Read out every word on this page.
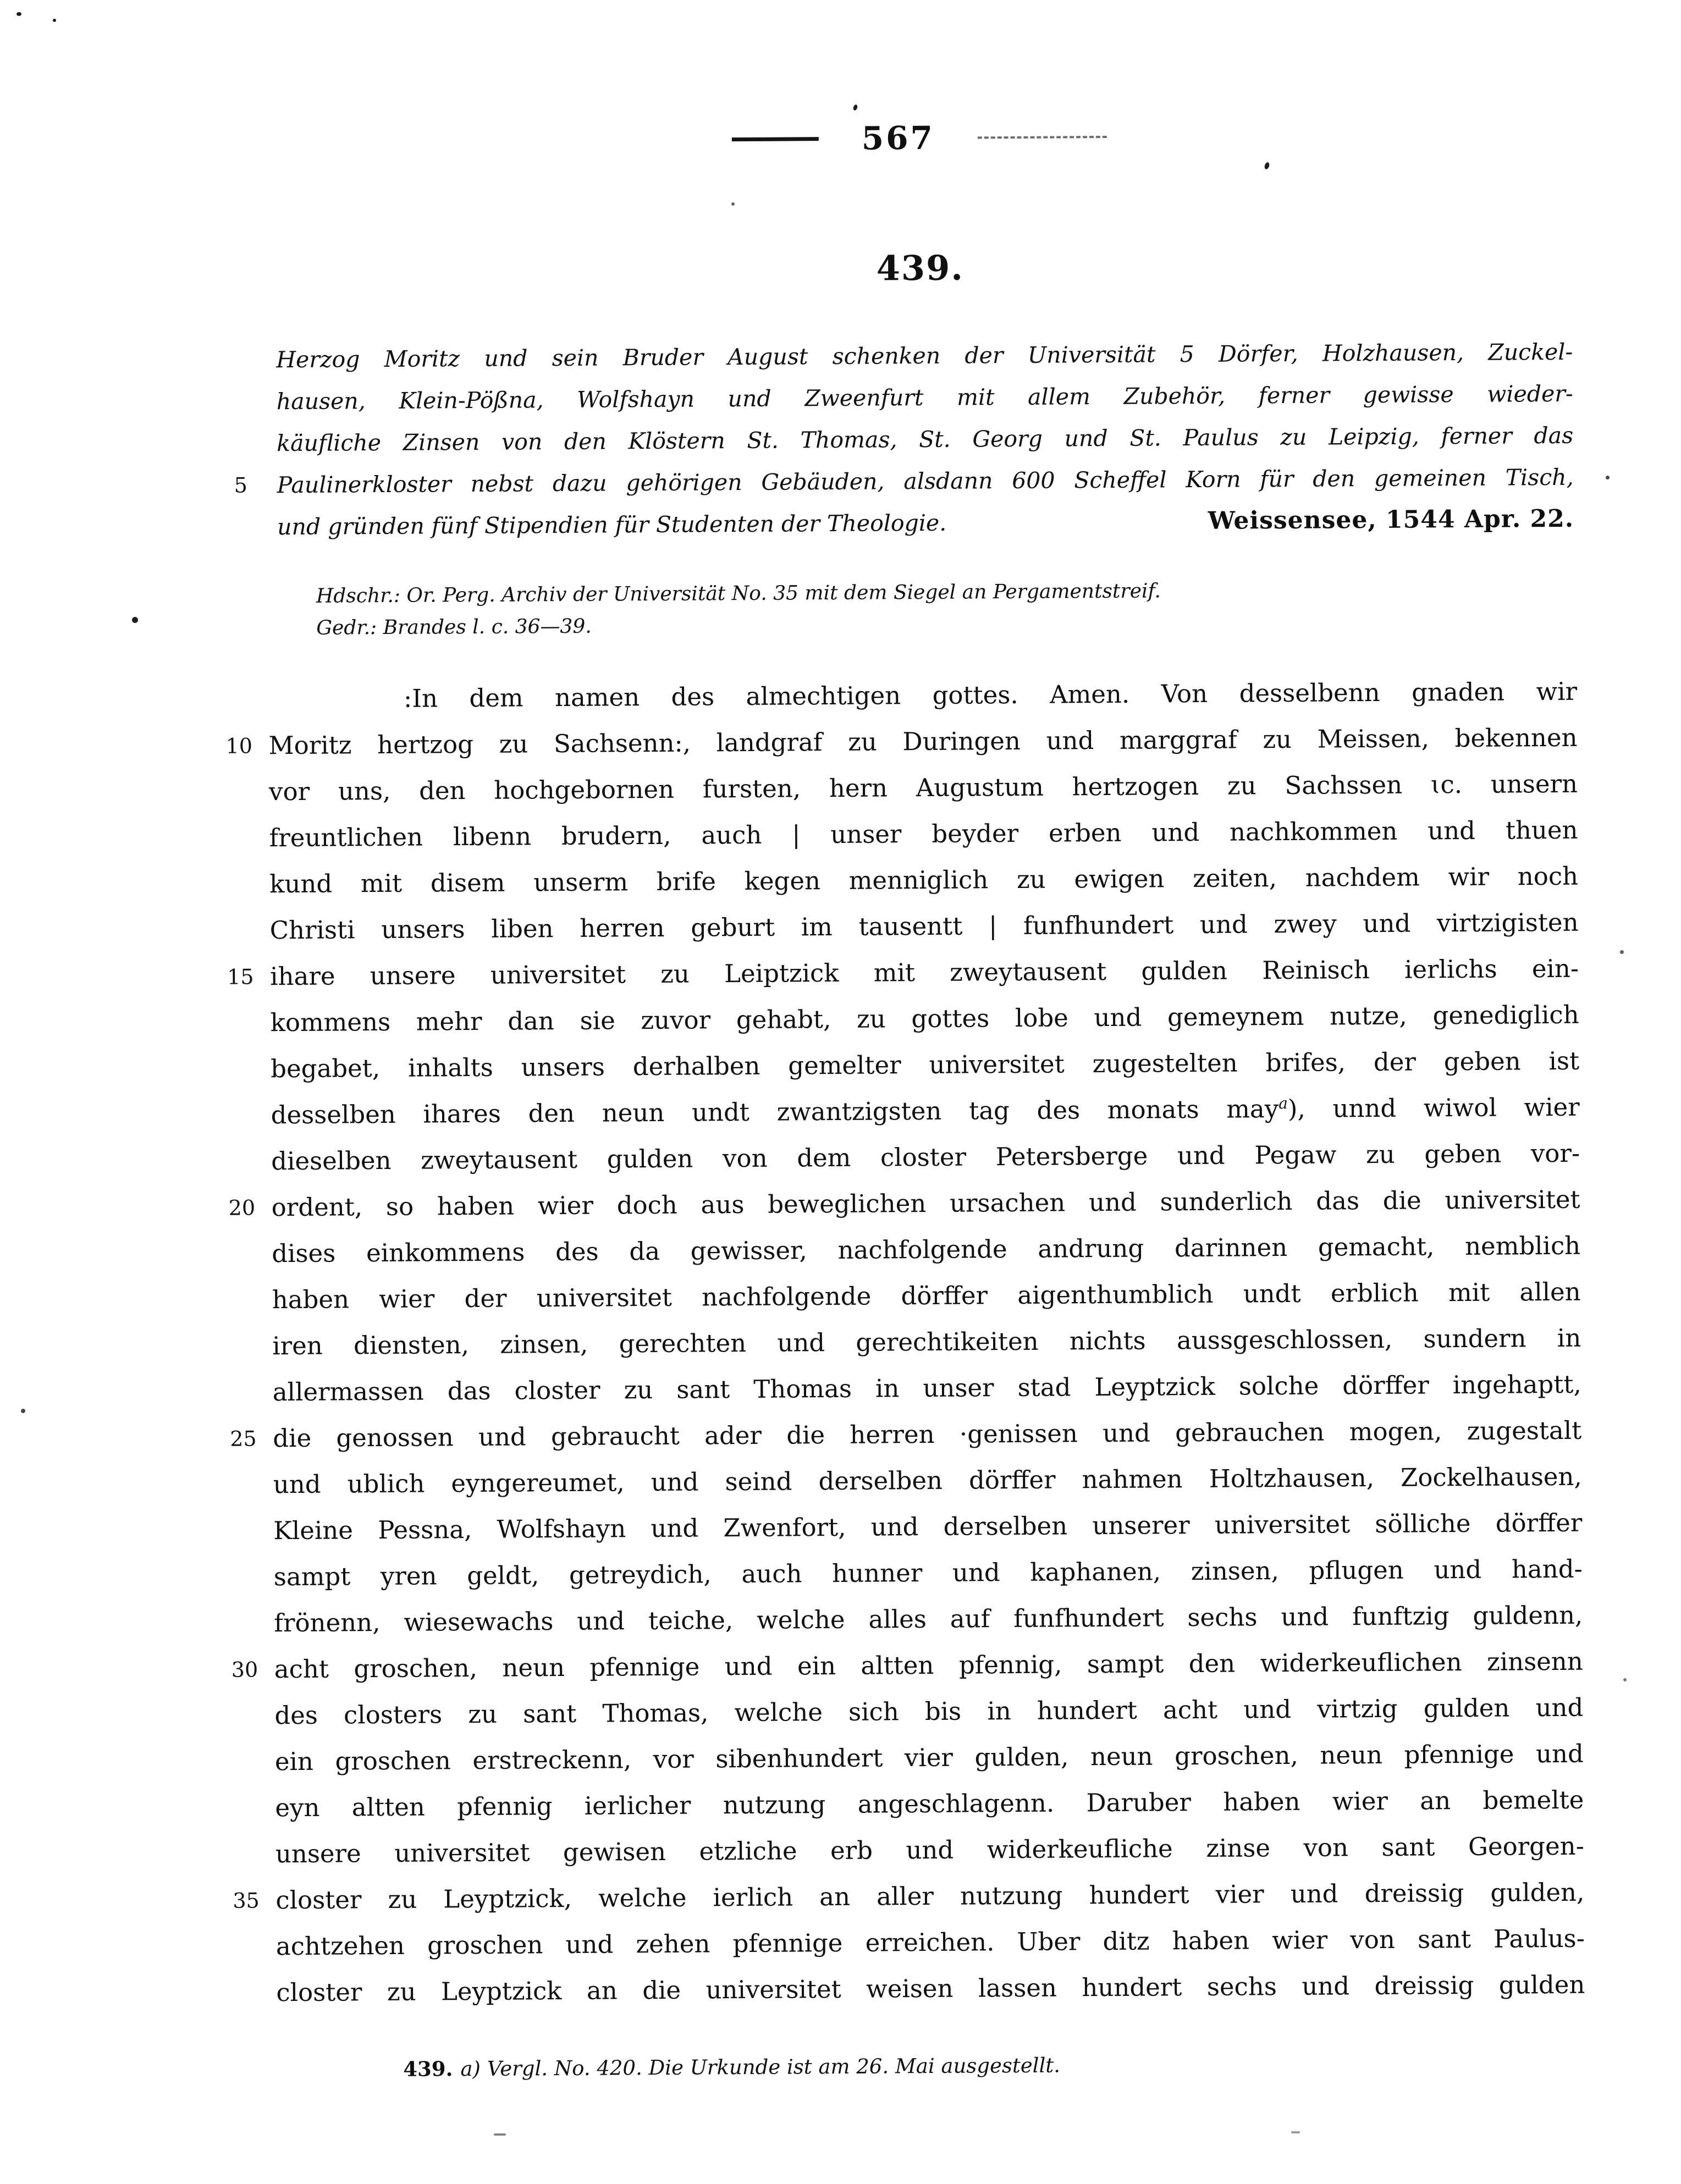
567
439.
Herzog Moritz und sein Bruder August schenken der Universität 5 Dörfer, Holzhausen, Zuckel-
hausen, Klein-Pößna, Wolfshayn und Zweenfurt mit allem Zubehör, ferner gewisse wieder-
käufliche Zinsen von den Klöstern St. Thomas, St. Georg und St. Paulus zu Leipzig, ferner das
5	Paulinerkloster nebst dazu gehörigen Gebäuden, alsdann 600 Scheffel Korn für den gemeinen Tisch,
und gründen fünf Stipendien für Studenten der Theologie.	Weissensee, 1544 Apr. 22.
Hdschr.: Or. Perg. Archiv der Universität No. 35 mit dem Siegel an Pergamentstreif.
Gedr.: Brandes l. c. 36—39.
:In dem namen des almechtigen gottes. Amen. Von desselbenn gnaden wir
10 Moritz hertzog zu Sachsenn:, landgraf zu Duringen und marggraf zu Meissen, bekennen
vor uns, den hochgebornen fursten, hern Augustum hertzogen zu Sachssen ɩc. unsern
freuntlichen libenn brudern, auch | unser beyder erben und nachkommen und thuen
kund mit disem unserm brife kegen menniglich zu ewigen zeiten, nachdem wir noch
Christi unsers liben herren geburt im tausentt | funfhundert und zwey und virtzigisten
15 ihare unsere universitet zu Leiptzick mit zweytausent gulden Reinisch ierlichs ein-
kommens mehr dan sie zuvor gehabt, zu gottes lobe und gemeynem nutze, genediglich
begabet, inhalts unsers derhalben gemelter universitet zugestelten brifes, der geben ist
desselben ihares den neun undt zwantzigsten tag des monats may$^a$), unnd wiwol wier
dieselben zweytausent gulden von dem closter Petersberge und Pegaw zu geben vor-
20 ordent, so haben wier doch aus beweglichen ursachen und sunderlich das die universitet
dises einkommens des da gewisser, nachfolgende andrung darinnen gemacht, nemblich
haben wier der universitet nachfolgende dörffer aigenthumblich undt erblich mit allen
iren diensten, zinsen, gerechten und gerechtikeiten nichts aussgeschlossen, sundern in
allermassen das closter zu sant Thomas in unser stad Leyptzick solche dörffer ingehaptt,
25 die genossen und gebraucht ader die herren ·genissen und gebrauchen mogen, zugestalt
und ublich eyngereumet, und seind derselben dörffer nahmen Holtzhausen, Zockelhausen,
Kleine Pessna, Wolfshayn und Zwenfort, und derselben unserer universitet sölliche dörffer
sampt yren geldt, getreydich, auch hunner und kaphanen, zinsen, pflugen und hand-
frönenn, wiesewachs und teiche, welche alles auf funfhundert sechs und funftzig guldenn,
30 acht groschen, neun pfennige und ein altten pfennig, sampt den widerkeuflichen zinsenn
des closters zu sant Thomas, welche sich bis in hundert acht und virtzig gulden und
ein groschen erstreckenn, vor sibenhundert vier gulden, neun groschen, neun pfennige und
eyn altten pfennig ierlicher nutzung angeschlagenn. Daruber haben wier an bemelte
unsere universitet gewisen etzliche erb und widerkeufliche zinse von sant Georgen-
35 closter zu Leyptzick, welche ierlich an aller nutzung hundert vier und dreissig gulden,
achtzehen groschen und zehen pfennige erreichen. Uber ditz haben wier von sant Paulus-
closter zu Leyptzick an die universitet weisen lassen hundert sechs und dreissig gulden
439. a) Vergl. No. 420. Die Urkunde ist am 26. Mai ausgestellt.
